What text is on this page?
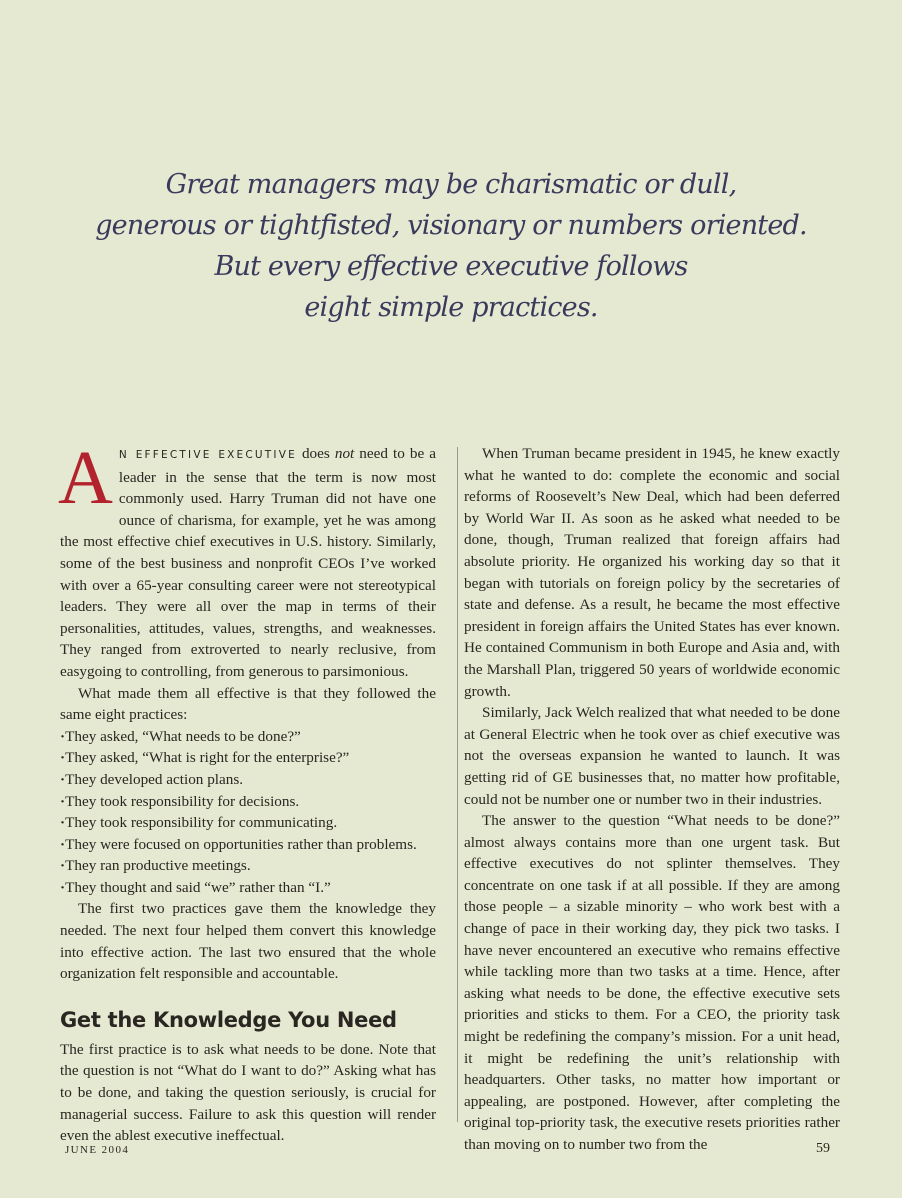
Great managers may be charismatic or dull,
generous or tightfisted, visionary or numbers oriented.
But every effective executive follows
eight simple practices.

A N EFFECTIVE EXECUTIVE does not need to be a leader in the sense that the term is now most commonly used. Harry Truman did not have one ounce of charisma, for example, yet he was among the most effective chief executives in U.S. history. Similarly, some of the best business and nonprofit CEOs I’ve worked with over a 65-year consulting career were not stereotypical leaders. They were all over the map in terms of their personalities, attitudes, values, strengths, and weaknesses. They ranged from extroverted to nearly reclusive, from easygoing to controlling, from generous to parsimonious.

What made them all effective is that they followed the same eight practices:

· They asked, “What needs to be done?”
· They asked, “What is right for the enterprise?”
· They developed action plans.
· They took responsibility for decisions.
· They took responsibility for communicating.
· They were focused on opportunities rather than problems.
· They ran productive meetings.
· They thought and said “we” rather than “I.”

The first two practices gave them the knowledge they needed. The next four helped them convert this knowledge into effective action. The last two ensured that the whole organization felt responsible and accountable.

Get the Knowledge You Need

The first practice is to ask what needs to be done. Note that the question is not “What do I want to do?” Asking what has to be done, and taking the question seriously, is crucial for managerial success. Failure to ask this question will render even the ablest executive ineffectual.

When Truman became president in 1945, he knew exactly what he wanted to do: complete the economic and social reforms of Roosevelt’s New Deal, which had been deferred by World War II. As soon as he asked what needed to be done, though, Truman realized that foreign affairs had absolute priority. He organized his working day so that it began with tutorials on foreign policy by the secretaries of state and defense. As a result, he became the most effective president in foreign affairs the United States has ever known. He contained Communism in both Europe and Asia and, with the Marshall Plan, triggered 50 years of worldwide economic growth.

Similarly, Jack Welch realized that what needed to be done at General Electric when he took over as chief executive was not the overseas expansion he wanted to launch. It was getting rid of GE businesses that, no matter how profitable, could not be number one or number two in their industries.

The answer to the question “What needs to be done?” almost always contains more than one urgent task. But effective executives do not splinter themselves. They concentrate on one task if at all possible. If they are among those people – a sizable minority – who work best with a change of pace in their working day, they pick two tasks. I have never encountered an executive who remains effective while tackling more than two tasks at a time. Hence, after asking what needs to be done, the effective executive sets priorities and sticks to them. For a CEO, the priority task might be redefining the company’s mission. For a unit head, it might be redefining the unit’s relationship with headquarters. Other tasks, no matter how important or appealing, are postponed. However, after completing the original top-priority task, the executive resets priorities rather than moving on to number two from the

JUNE 2004	59
